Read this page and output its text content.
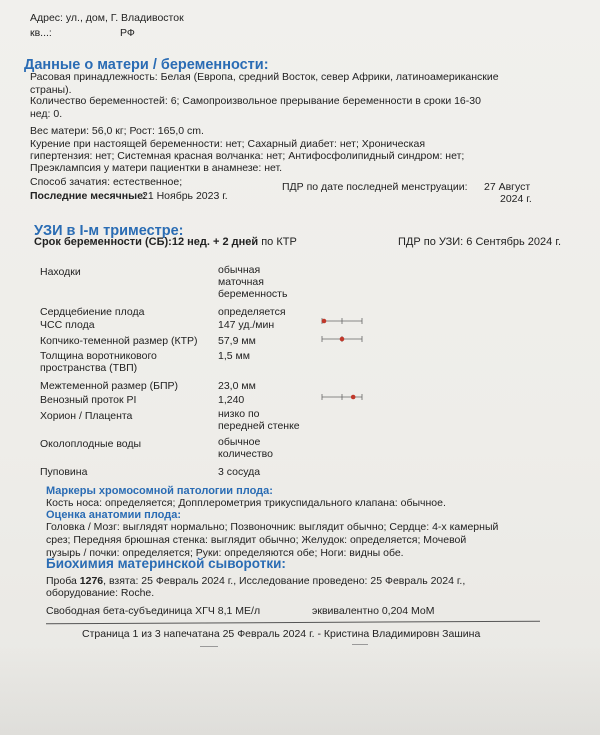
Адрес: ул., дом, Г. Владивосток
кв...:	РФ
Данные о матери / беременности:
Расовая принадлежность: Белая (Европа, средний Восток, север Африки, латиноамериканские
страны).
Количество беременностей: 6; Самопроизвольное прерывание беременности в сроки 16-30
нед: 0.
Вес матери: 56,0 кг; Рост: 165,0 cm.
Курение при настоящей беременности: нет; Сахарный диабет: нет; Хроническая
гипертензия: нет; Системная красная волчанка: нет; Антифосфолипидный синдром: нет;
Преэклампсия у матери пациентки в анамнезе: нет.
Способ зачатия: естественное;
Последние месячные:
21 Ноябрь 2023 г.
ПДР по дате последней менструации: 27 Август
2024 г.
УЗИ в I-м триместре:
Срок беременности (СБ):12 нед. + 2 дней по КТР	ПДР по УЗИ: 6 Сентябрь 2024 г.
Находки	обычная
маточная
беременность
Сердцебиение плода	определяется
ЧСС плода	147 уд./мин
Копчико-теменной размер (КТР) 57,9 мм
Толщина воротникового
пространства (ТВП)
1,5 мм
Межтеменной размер (БПР)	23,0 мм
Венозный проток PI	1,240
Хорион / Плацента	низко по
передней стенке
Околоплодные воды	обычное
количество
Пуповина	3 сосуда
Маркеры хромосомной патологии плода:
Кость носа: определяется; Допплерометрия трикуспидального клапана: обычное.
Оценка анатомии плода:
Головка / Мозг: выглядят нормально; Позвоночник: выглядит обычно; Сердце: 4-х камерный
срез; Передняя брюшная стенка: выглядит обычно; Желудок: определяется; Мочевой
пузырь / почки: определяется; Руки: определяются обе; Ноги: видны обе.
Биохимия материнской сыворотки:
Проба 1276, взята: 25 Февраль 2024 г., Исследование проведено: 25 Февраль 2024 г.,
оборудование: Roche.
Свободная бета-субъединица ХГЧ 8,1 МЕ/л	эквивалентно 0,204 МоМ
Страница 1 из 3 напечатана 25 Февраль 2024 г. - Кристина Владимировн Зашина
